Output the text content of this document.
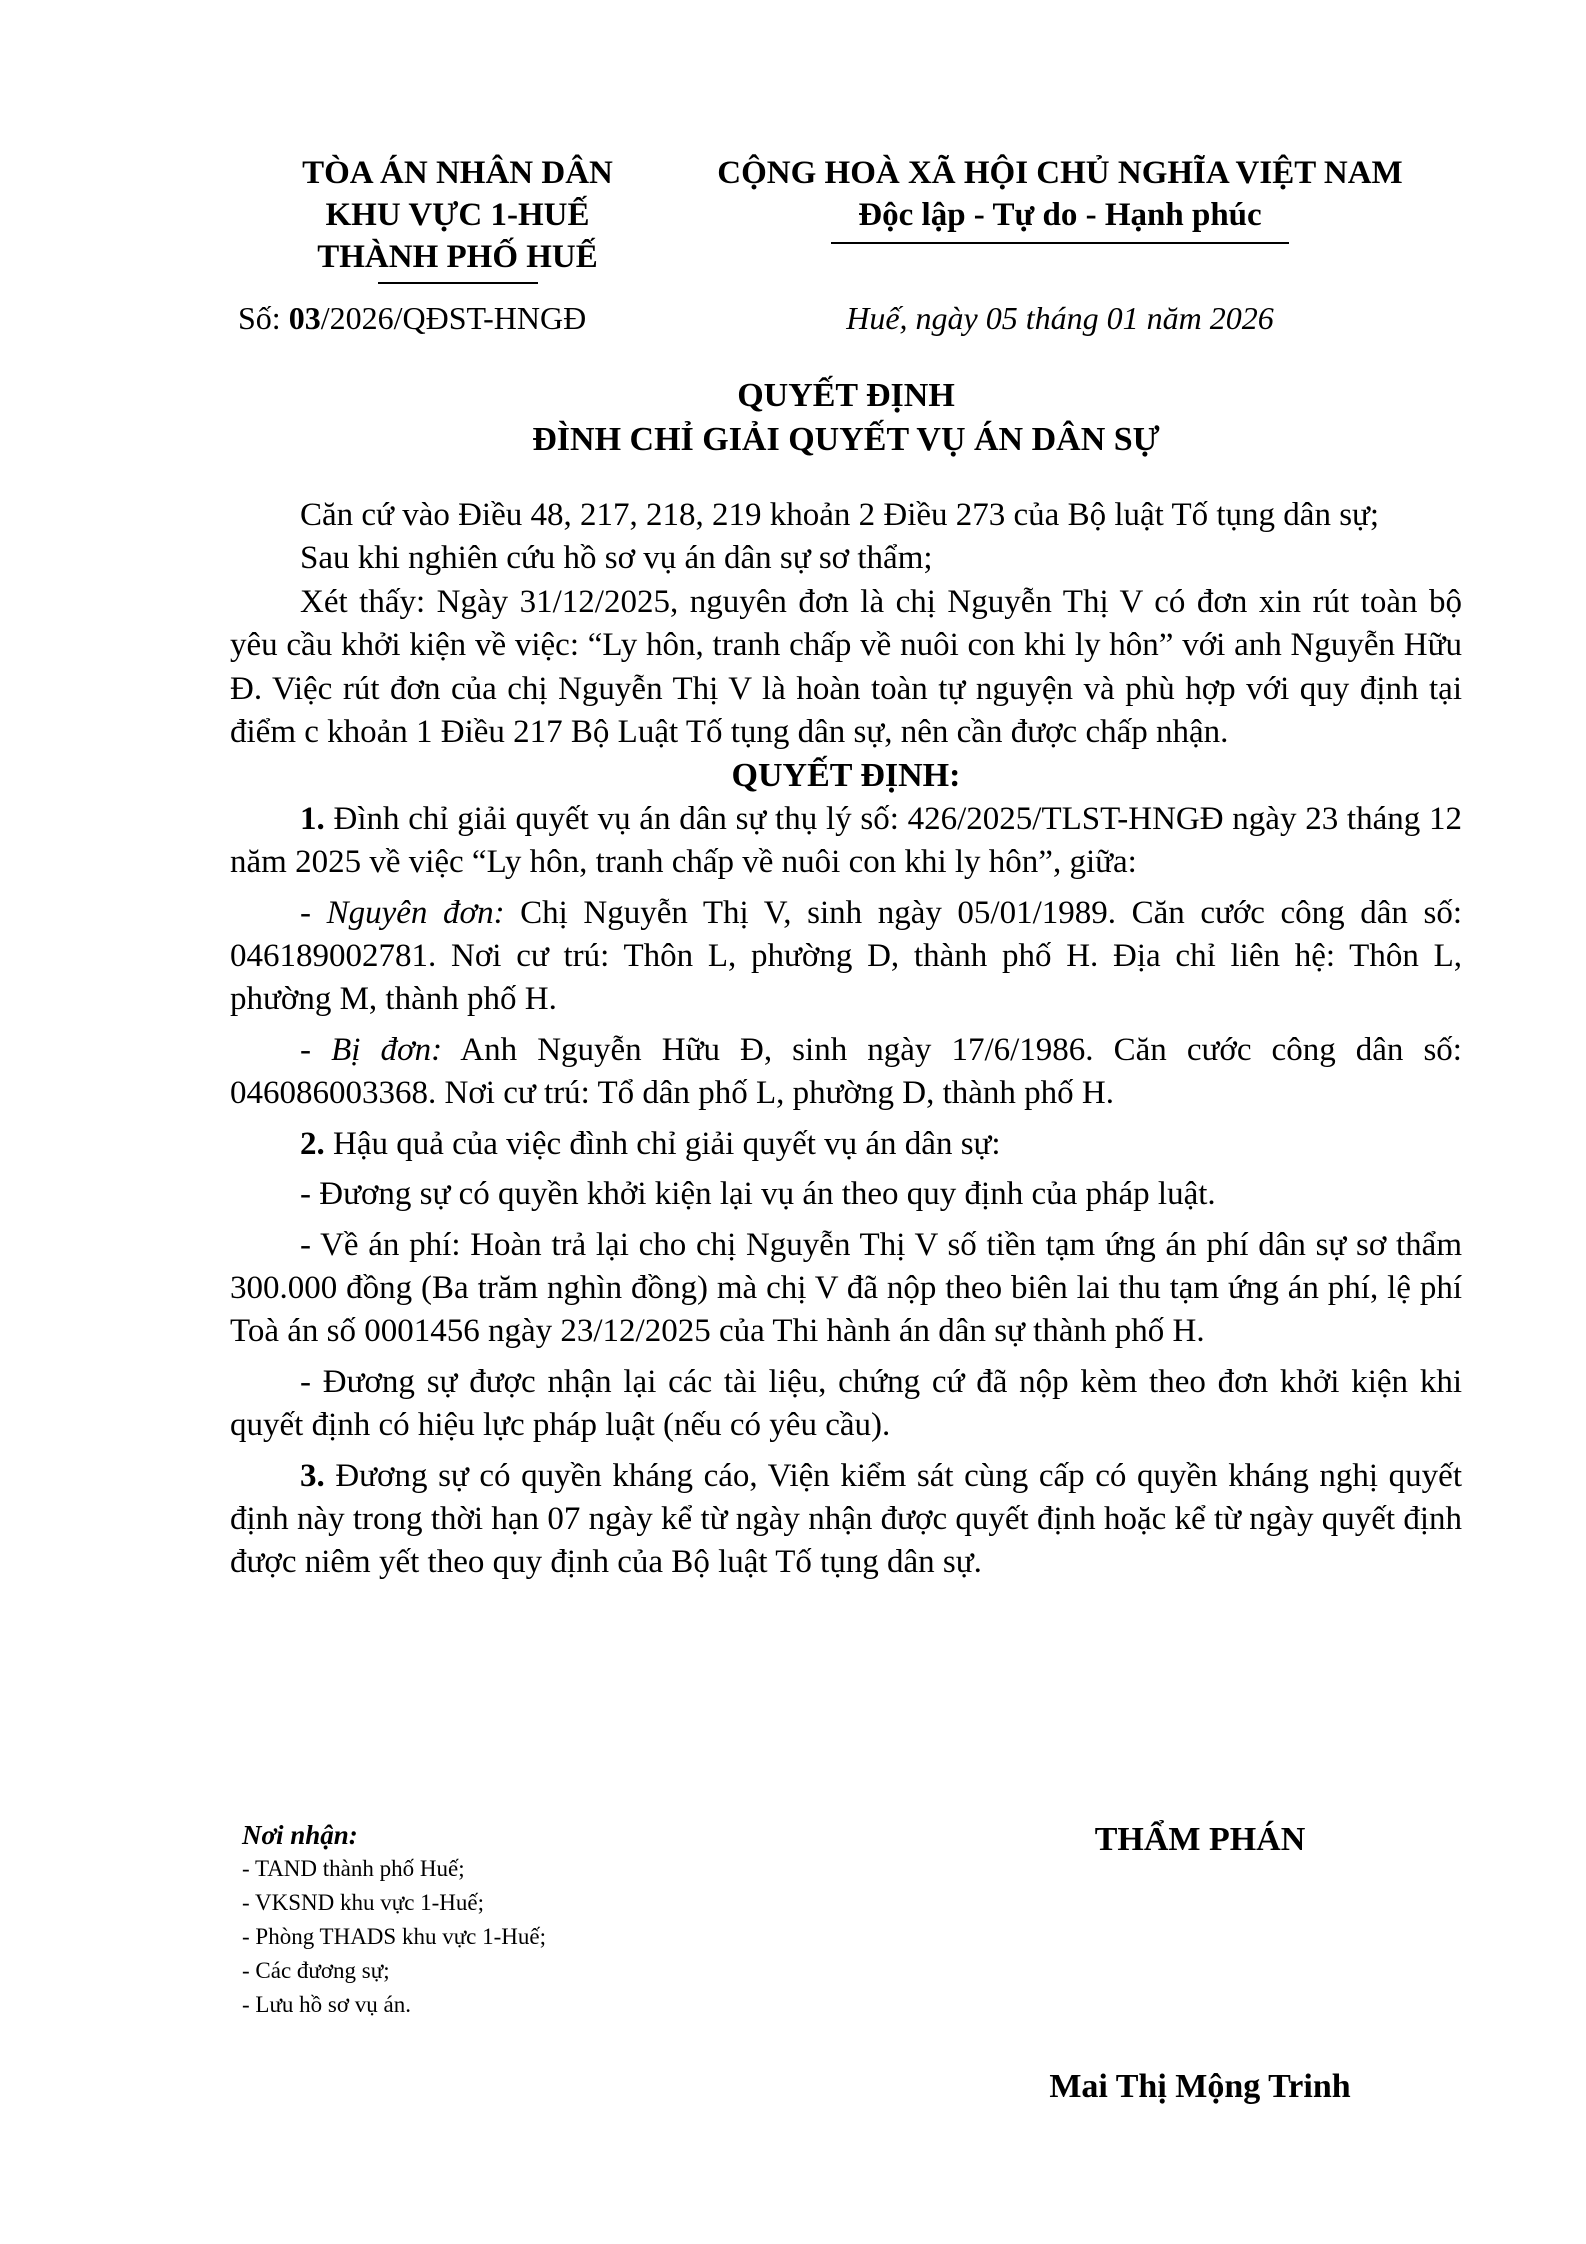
TÒA ÁN NHÂN DÂN
KHU VỰC 1-HUẾ
THÀNH PHỐ HUẾ
CỘNG HOÀ XÃ HỘI CHỦ NGHĨA VIỆT NAM
Độc lập - Tự do - Hạnh phúc
Số: 03/2026/QĐST-HNGĐ	Huế, ngày 05 tháng 01 năm 2026
QUYẾT ĐỊNH
ĐÌNH CHỈ GIẢI QUYẾT VỤ ÁN DÂN SỰ

Căn cứ vào Điều 48, 217, 218, 219 khoản 2 Điều 273 của Bộ luật Tố tụng dân sự;

Sau khi nghiên cứu hồ sơ vụ án dân sự sơ thẩm;

Xét thấy: Ngày 31/12/2025, nguyên đơn là chị Nguyễn Thị V có đơn xin rút toàn bộ yêu cầu khởi kiện về việc: “Ly hôn, tranh chấp về nuôi con khi ly hôn” với anh Nguyễn Hữu Đ. Việc rút đơn của chị Nguyễn Thị V là hoàn toàn tự nguyện và phù hợp với quy định tại điểm c khoản 1 Điều 217 Bộ Luật Tố tụng dân sự, nên cần được chấp nhận.

QUYẾT ĐỊNH:

1. Đình chỉ giải quyết vụ án dân sự thụ lý số: 426/2025/TLST-HNGĐ ngày 23 tháng 12 năm 2025 về việc “Ly hôn, tranh chấp về nuôi con khi ly hôn”, giữa:

- Nguyên đơn: Chị Nguyễn Thị V, sinh ngày 05/01/1989. Căn cước công dân số: 046189002781. Nơi cư trú: Thôn L, phường D, thành phố H. Địa chỉ liên hệ: Thôn L, phường M, thành phố H.

- Bị đơn: Anh Nguyễn Hữu Đ, sinh ngày 17/6/1986. Căn cước công dân số: 046086003368. Nơi cư trú: Tổ dân phố L, phường D, thành phố H.

2. Hậu quả của việc đình chỉ giải quyết vụ án dân sự:

- Đương sự có quyền khởi kiện lại vụ án theo quy định của pháp luật.

- Về án phí: Hoàn trả lại cho chị Nguyễn Thị V số tiền tạm ứng án phí dân sự sơ thẩm 300.000 đồng (Ba trăm nghìn đồng) mà chị V đã nộp theo biên lai thu tạm ứng án phí, lệ phí Toà án số 0001456 ngày 23/12/2025 của Thi hành án dân sự thành phố H.

- Đương sự được nhận lại các tài liệu, chứng cứ đã nộp kèm theo đơn khởi kiện khi quyết định có hiệu lực pháp luật (nếu có yêu cầu).

3. Đương sự có quyền kháng cáo, Viện kiểm sát cùng cấp có quyền kháng nghị quyết định này trong thời hạn 07 ngày kể từ ngày nhận được quyết định hoặc kể từ ngày quyết định được niêm yết theo quy định của Bộ luật Tố tụng dân sự.

Nơi nhận:
- TAND thành phố Huế;
- VKSND khu vực 1-Huế;
- Phòng THADS khu vực 1-Huế;
- Các đương sự;
- Lưu hồ sơ vụ án.
THẨM PHÁN
Mai Thị Mộng Trinh
